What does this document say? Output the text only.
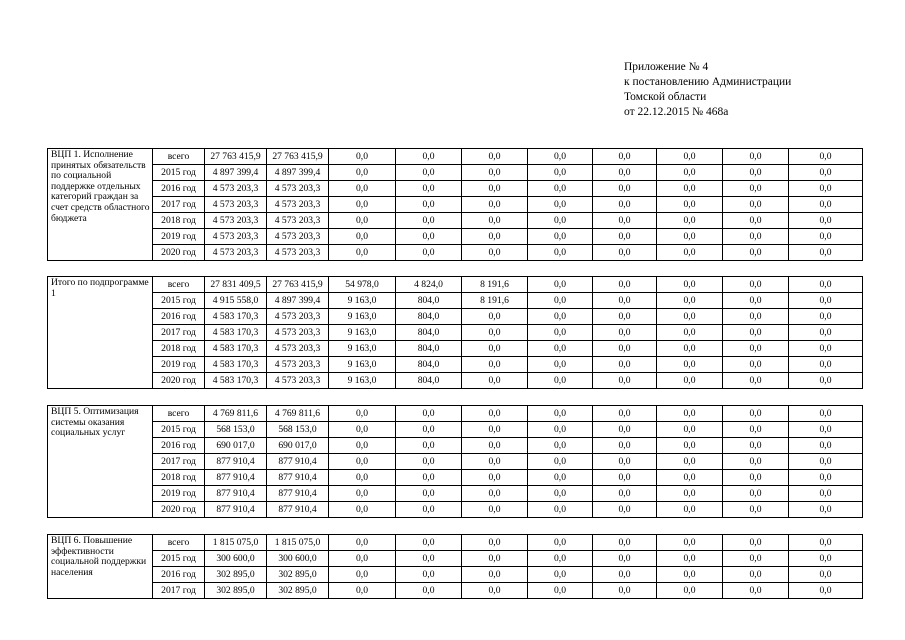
Приложение № 4
к постановлению Администрации
Томской области
от 22.12.2015 № 468а
ВЦП 1. Исполнение принятых обязательств по социальной поддержке отдельных категорий граждан за счет средств областного бюджета	всего	27 763 415,9	27 763 415,9	0,0	0,0	0,0	0,0	0,0	0,0	0,0	0,0
	2015 год	4 897 399,4	4 897 399,4	0,0	0,0	0,0	0,0	0,0	0,0	0,0	0,0
	2016 год	4 573 203,3	4 573 203,3	0,0	0,0	0,0	0,0	0,0	0,0	0,0	0,0
	2017 год	4 573 203,3	4 573 203,3	0,0	0,0	0,0	0,0	0,0	0,0	0,0	0,0
	2018 год	4 573 203,3	4 573 203,3	0,0	0,0	0,0	0,0	0,0	0,0	0,0	0,0
	2019 год	4 573 203,3	4 573 203,3	0,0	0,0	0,0	0,0	0,0	0,0	0,0	0,0
	2020 год	4 573 203,3	4 573 203,3	0,0	0,0	0,0	0,0	0,0	0,0	0,0	0,0
Итого по подпрограмме 1	всего	27 831 409,5	27 763 415,9	54 978,0	4 824,0	8 191,6	0,0	0,0	0,0	0,0	0,0
	2015 год	4 915 558,0	4 897 399,4	9 163,0	804,0	8 191,6	0,0	0,0	0,0	0,0	0,0
	2016 год	4 583 170,3	4 573 203,3	9 163,0	804,0	0,0	0,0	0,0	0,0	0,0	0,0
	2017 год	4 583 170,3	4 573 203,3	9 163,0	804,0	0,0	0,0	0,0	0,0	0,0	0,0
	2018 год	4 583 170,3	4 573 203,3	9 163,0	804,0	0,0	0,0	0,0	0,0	0,0	0,0
	2019 год	4 583 170,3	4 573 203,3	9 163,0	804,0	0,0	0,0	0,0	0,0	0,0	0,0
	2020 год	4 583 170,3	4 573 203,3	9 163,0	804,0	0,0	0,0	0,0	0,0	0,0	0,0
ВЦП 5. Оптимизация системы оказания социальных услуг	всего	4 769 811,6	4 769 811,6	0,0	0,0	0,0	0,0	0,0	0,0	0,0	0,0
	2015 год	568 153,0	568 153,0	0,0	0,0	0,0	0,0	0,0	0,0	0,0	0,0
	2016 год	690 017,0	690 017,0	0,0	0,0	0,0	0,0	0,0	0,0	0,0	0,0
	2017 год	877 910,4	877 910,4	0,0	0,0	0,0	0,0	0,0	0,0	0,0	0,0
	2018 год	877 910,4	877 910,4	0,0	0,0	0,0	0,0	0,0	0,0	0,0	0,0
	2019 год	877 910,4	877 910,4	0,0	0,0	0,0	0,0	0,0	0,0	0,0	0,0
	2020 год	877 910,4	877 910,4	0,0	0,0	0,0	0,0	0,0	0,0	0,0	0,0
ВЦП 6. Повышение эффективности социальной поддержки населения	всего	1 815 075,0	1 815 075,0	0,0	0,0	0,0	0,0	0,0	0,0	0,0	0,0
	2015 год	300 600,0	300 600,0	0,0	0,0	0,0	0,0	0,0	0,0	0,0	0,0
	2016 год	302 895,0	302 895,0	0,0	0,0	0,0	0,0	0,0	0,0	0,0	0,0
	2017 год	302 895,0	302 895,0	0,0	0,0	0,0	0,0	0,0	0,0	0,0	0,0
